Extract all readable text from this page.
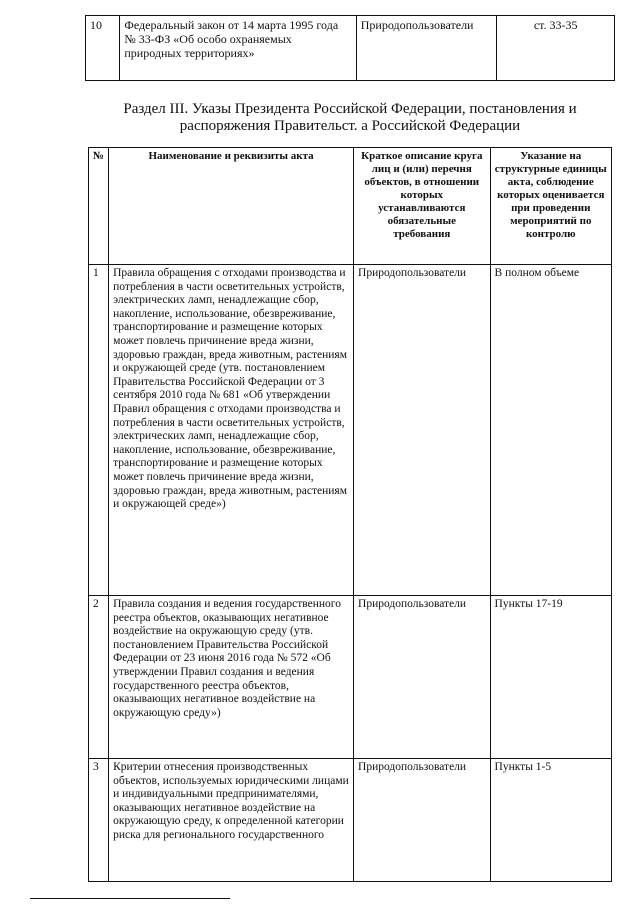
10	Федеральный закон от 14 марта 1995 года № 33-ФЗ «Об особо охраняемых природных территориях»	Природопользователи	ст. 33-35
Раздел III. Указы Президента Российской Федерации, постановления и распоряжения Правительст. а Российской Федерации
№	Наименование и реквизиты акта	Краткое описание круга лиц и (или) перечня объектов, в отношении которых устанавливаются обязательные требования	Указание на структурные единицы акта, соблюдение которых оценивается при проведении мероприятий по контролю
1	Правила обращения с отходами производства и потребления в части осветительных устройств, электрических ламп, ненадлежащие сбор, накопление, использование, обезвреживание, транспортирование и размещение которых может повлечь причинение вреда жизни, здоровью граждан, вреда животным, растениям и окружающей среде (утв. постановлением Правительства Российской Федерации от 3 сентября 2010 года № 681 «Об утверждении Правил обращения с отходами производства и потребления в части осветительных устройств, электрических ламп, ненадлежащие сбор, накопление, использование, обезвреживание, транспортирование и размещение которых может повлечь причинение вреда жизни, здоровью граждан, вреда животным, растениям и окружающей среде»)	Природопользователи	В полном объеме
2	Правила создания и ведения государственного реестра объектов, оказывающих негативное воздействие на окружающую среду (утв. постановлением Правительства Российской Федерации от 23 июня 2016 года № 572 «Об утверждении Правил создания и ведения государственного реестра объектов, оказывающих негативное воздействие на окружающую среду»)	Природопользователи	Пункты 17-19
3	Критерии отнесения производственных объектов, используемых юридическими лицами и индивидуальными предпринимателями, оказывающих негативное воздействие на окружающую среду, к определенной категории риска для регионального государственного	Природопользователи	Пункты 1-5
